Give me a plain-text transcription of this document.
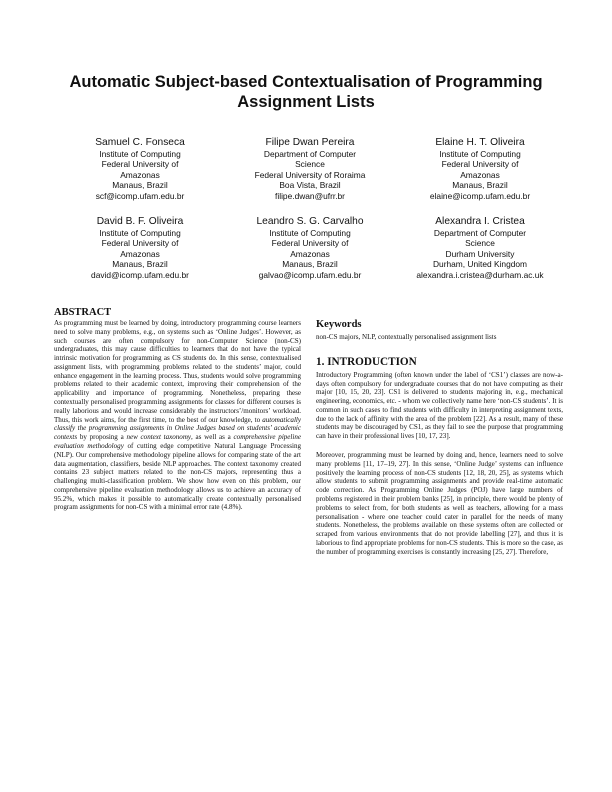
Automatic Subject-based Contextualisation of Programming Assignment Lists
Samuel C. Fonseca
Institute of Computing
Federal University of
Amazonas
Manaus, Brazil
scf@icomp.ufam.edu.br
Filipe Dwan Pereira
Department of Computer
Science
Federal University of Roraima
Boa Vista, Brazil
filipe.dwan@ufrr.br
Elaine H. T. Oliveira
Institute of Computing
Federal University of
Amazonas
Manaus, Brazil
elaine@icomp.ufam.edu.br
David B. F. Oliveira
Institute of Computing
Federal University of
Amazonas
Manaus, Brazil
david@icomp.ufam.edu.br
Leandro S. G. Carvalho
Institute of Computing
Federal University of
Amazonas
Manaus, Brazil
galvao@icomp.ufam.edu.br
Alexandra I. Cristea
Department of Computer
Science
Durham University
Durham, United Kingdom
alexandra.i.cristea@durham.ac.uk
ABSTRACT

As programming must be learned by doing, introductory programming course learners need to solve many problems, e.g., on systems such as ‘Online Judges’. However, as such courses are often compulsory for non-Computer Science (non-CS) undergraduates, this may cause difficulties to learners that do not have the typical intrinsic motivation for programming as CS students do. In this sense, contextualised assignment lists, with programming problems related to the students’ major, could enhance engagement in the learning process. Thus, students would solve programming problems related to their academic context, improving their comprehension of the applicability and importance of programming. Nonetheless, preparing these contextually personalised programming assignments for classes for different courses is really laborious and would increase considerably the instructors’/monitors’ workload. Thus, this work aims, for the first time, to the best of our knowledge, to automatically classify the programming assignments in Online Judges based on students’ academic contexts by proposing a new context taxonomy, as well as a comprehensive pipeline evaluation methodology of cutting edge competitive Natural Language Processing (NLP). Our comprehensive methodology pipeline allows for comparing state of the art data augmentation, classifiers, beside NLP approaches. The context taxonomy created contains 23 subject matters related to the non-CS majors, representing thus a challenging multi-classification problem. We show how even on this problem, our comprehensive pipeline evaluation methodology allows us to achieve an accuracy of 95.2%, which makes it possible to automatically create contextually personalised program assignments for non-CS with a minimal error rate (4.8%).

Keywords

non-CS majors, NLP, contextually personalised assignment lists

1. INTRODUCTION

Introductory Programming (often known under the label of ‘CS1’) classes are now-a-days often compulsory for undergraduate courses that do not have computing as their major [10, 15, 20, 23]. CS1 is delivered to students majoring in, e.g., mechanical engineering, economics, etc. - whom we collectively name here ‘non-CS students’. It is common in such cases to find students with difficulty in interpreting assignment texts, due to the lack of affinity with the area of the problem [22]. As a result, many of these students may be discouraged by CS1, as they fail to see the purpose that programming can have in their professional lives [10, 17, 23].

Moreover, programming must be learned by doing and, hence, learners need to solve many problems [11, 17–19, 27]. In this sense, ‘Online Judge’ systems can influence positively the learning process of non-CS students [12, 18, 20, 25], as systems which allow students to submit programming assignments and provide real-time automatic code correction. As Programming Online Judges (POJ) have large numbers of problems registered in their problem banks [25], in principle, there would be plenty of problems to select from, for both students as well as teachers, allowing for a mass personalisation - where one teacher could cater in parallel for the needs of many students. Nonetheless, the problems available on these systems often are collected or scraped from various environments that do not provide labelling [27], and thus it is laborious to find appropriate problems for non-CS students. This is more so the case, as the number of programming exercises is constantly increasing [25, 27]. Therefore,
